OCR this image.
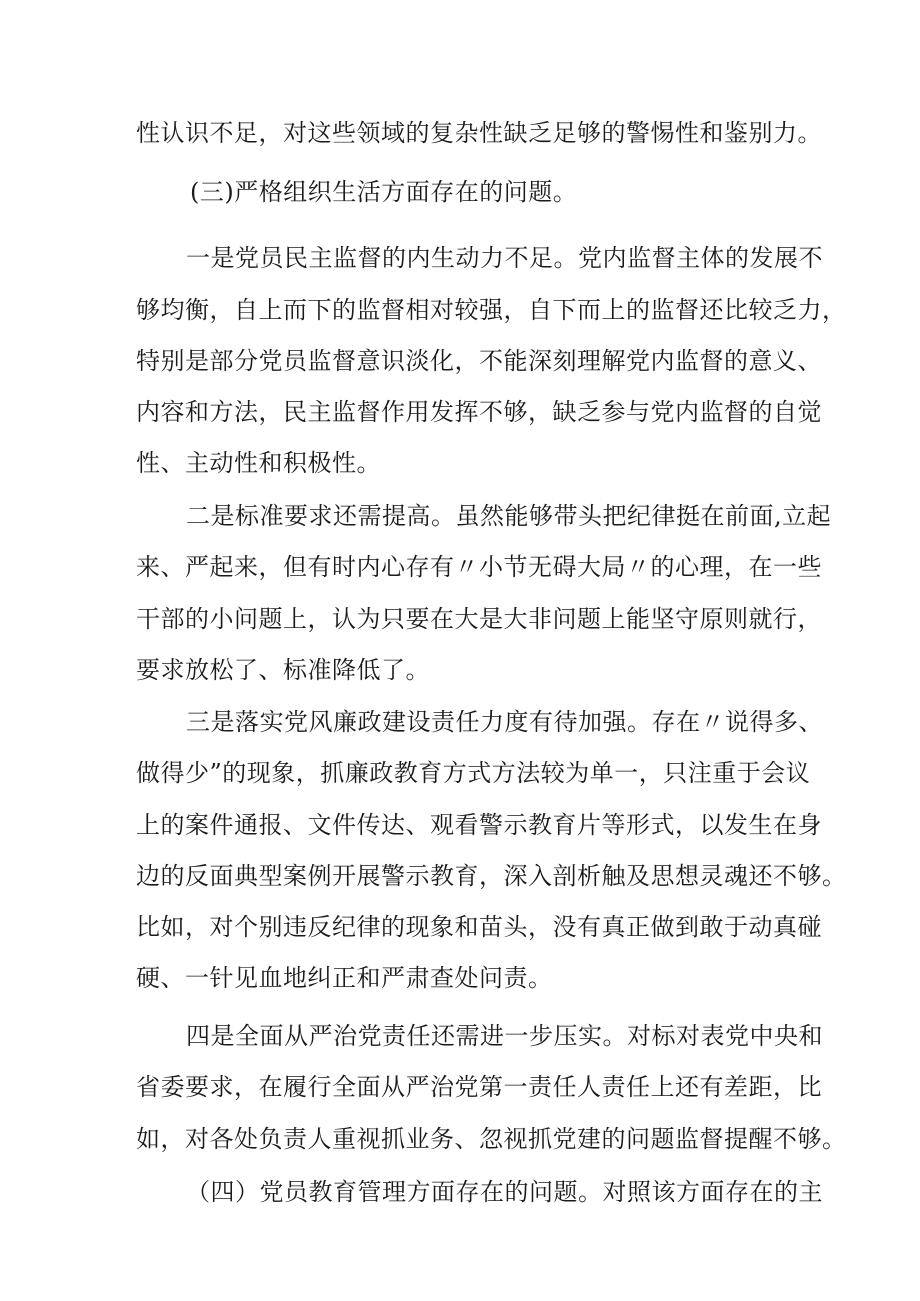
性认识不足，对这些领域的复杂性缺乏足够的警惕性和鉴别力。
(三)严格组织生活方面存在的问题。
一是党员民主监督的内生动力不足。党内监督主体的发展不
够均衡，自上而下的监督相对较强，自下而上的监督还比较乏力，
特别是部分党员监督意识淡化，不能深刻理解党内监督的意义、
内容和方法，民主监督作用发挥不够，缺乏参与党内监督的自觉
性、主动性和积极性。
二是标准要求还需提高。虽然能够带头把纪律挺在前面,立起
来、严起来，但有时内心存有〃小节无碍大局〃的心理，在一些
干部的小问题上，认为只要在大是大非问题上能坚守原则就行，
要求放松了、标准降低了。
三是落实党风廉政建设责任力度有待加强。存在〃说得多、
做得少”的现象，抓廉政教育方式方法较为单一，只注重于会议
上的案件通报、文件传达、观看警示教育片等形式，以发生在身
边的反面典型案例开展警示教育，深入剖析触及思想灵魂还不够。
比如，对个别违反纪律的现象和苗头，没有真正做到敢于动真碰
硬、一针见血地纠正和严肃查处问责。
四是全面从严治党责任还需进一步压实。对标对表党中央和
省委要求，在履行全面从严治党第一责任人责任上还有差距，比
如，对各处负责人重视抓业务、忽视抓党建的问题监督提醒不够。
（四）党员教育管理方面存在的问题。对照该方面存在的主
